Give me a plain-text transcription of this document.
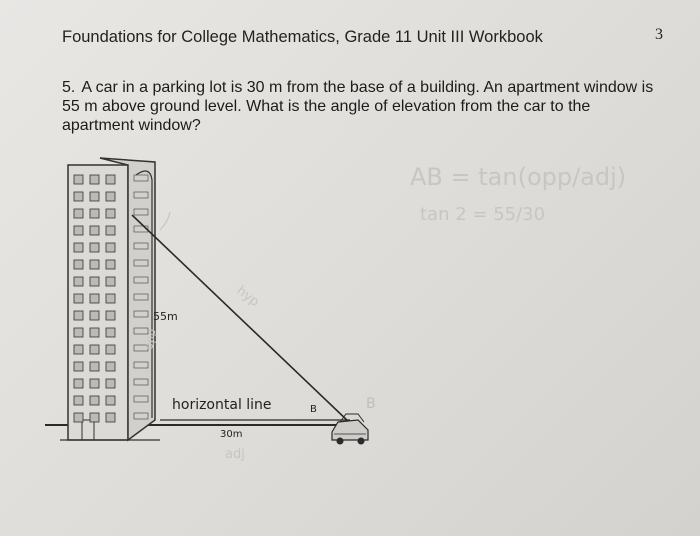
Foundations for College Mathematics, Grade 11 Unit III Workbook	3
5. A car in a parking lot is 30 m from the base of a building. An apartment window is 55 m above ground level. What is the angle of elevation from the car to the apartment window?
AB = tan(opp/adj)
tan 2 = 55/30
55m
horizontal line
30m
B	B
hyp
opp
adj
